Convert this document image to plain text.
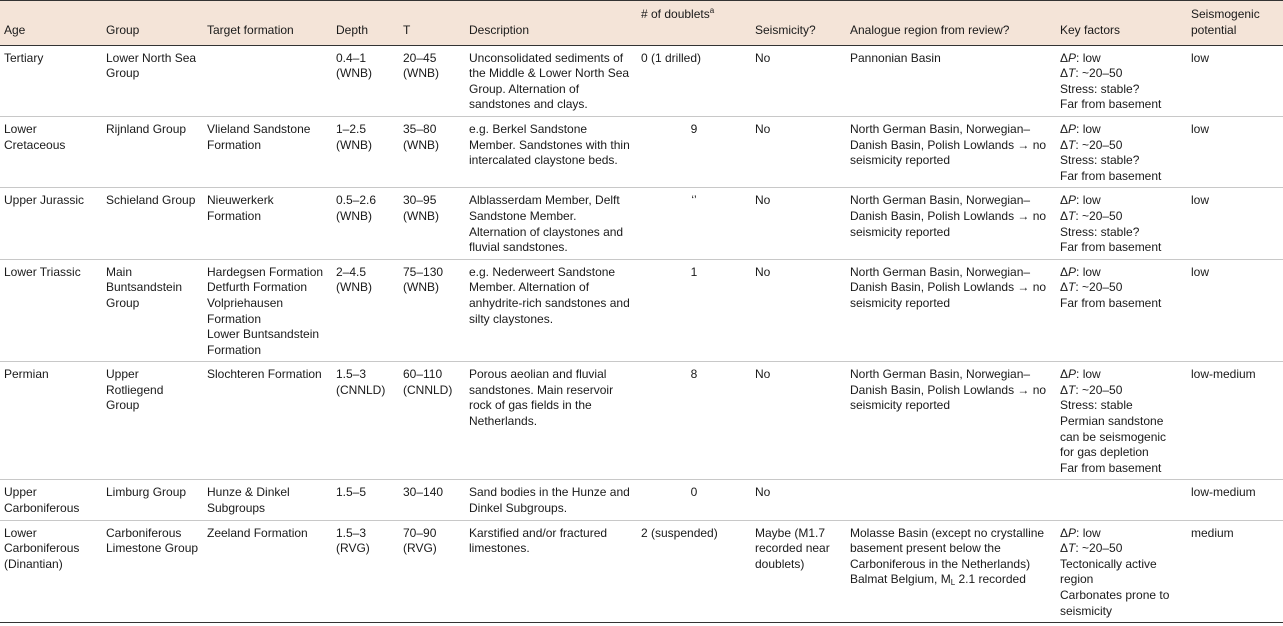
Age	Group	Target formation	Depth	T	Description	# of doublets$^a$	Seismicity?	Analogue region from review?	Key factors	Seismogenic potential
Tertiary	Lower North Sea Group		0.4–1 (WNB)	20–45 (WNB)	Unconsolidated sediments of the Middle & Lower North Sea Group. Alternation of sandstones and clays.	0 (1 drilled)	No	Pannonian Basin	ΔP: low
ΔT: ~20–50
Stress: stable?
Far from basement	low
Lower Cretaceous	Rijnland Group	Vlieland Sandstone Formation	1–2.5 (WNB)	35–80 (WNB)	e.g. Berkel Sandstone Member. Sandstones with thin intercalated claystone beds.	9	No	North German Basin, Norwegian–Danish Basin, Polish Lowlands → no seismicity reported	ΔP: low
ΔT: ~20–50
Stress: stable?
Far from basement	low
Upper Jurassic	Schieland Group	Nieuwerkerk Formation	0.5–2.6 (WNB)	30–95 (WNB)	Alblasserdam Member, Delft Sandstone Member. Alternation of claystones and fluvial sandstones.	‘’	No	North German Basin, Norwegian–Danish Basin, Polish Lowlands → no seismicity reported	ΔP: low
ΔT: ~20–50
Stress: stable?
Far from basement	low
Lower Triassic	Main Buntsandstein Group	Hardegsen Formation
Detfurth Formation
Volpriehausen Formation
Lower Buntsandstein Formation	2–4.5 (WNB)	75–130 (WNB)	e.g. Nederweert Sandstone Member. Alternation of anhydrite-rich sandstones and silty claystones.	1	No	North German Basin, Norwegian–Danish Basin, Polish Lowlands → no seismicity reported	ΔP: low
ΔT: ~20–50
Far from basement	low
Permian	Upper Rotliegend Group	Slochteren Formation	1.5–3 (CNNLD)	60–110 (CNNLD)	Porous aeolian and fluvial sandstones. Main reservoir rock of gas fields in the Netherlands.	8	No	North German Basin, Norwegian–Danish Basin, Polish Lowlands → no seismicity reported	ΔP: low
ΔT: ~20–50
Stress: stable
Permian sandstone can be seismogenic for gas depletion
Far from basement	low-medium
Upper Carboniferous	Limburg Group	Hunze & Dinkel Subgroups	1.5–5	30–140	Sand bodies in the Hunze and Dinkel Subgroups.	0	No			low-medium
Lower Carboniferous (Dinantian)	Carboniferous Limestone Group	Zeeland Formation	1.5–3 (RVG)	70–90 (RVG)	Karstified and/or fractured limestones.	2 (suspended)	Maybe (M1.7 recorded near doublets)	Molasse Basin (except no crystalline basement present below the Carboniferous in the Netherlands)
Balmat Belgium, $M_L$ 2.1 recorded	ΔP: low
ΔT: ~20–50
Tectonically active region
Carbonates prone to seismicity	medium
